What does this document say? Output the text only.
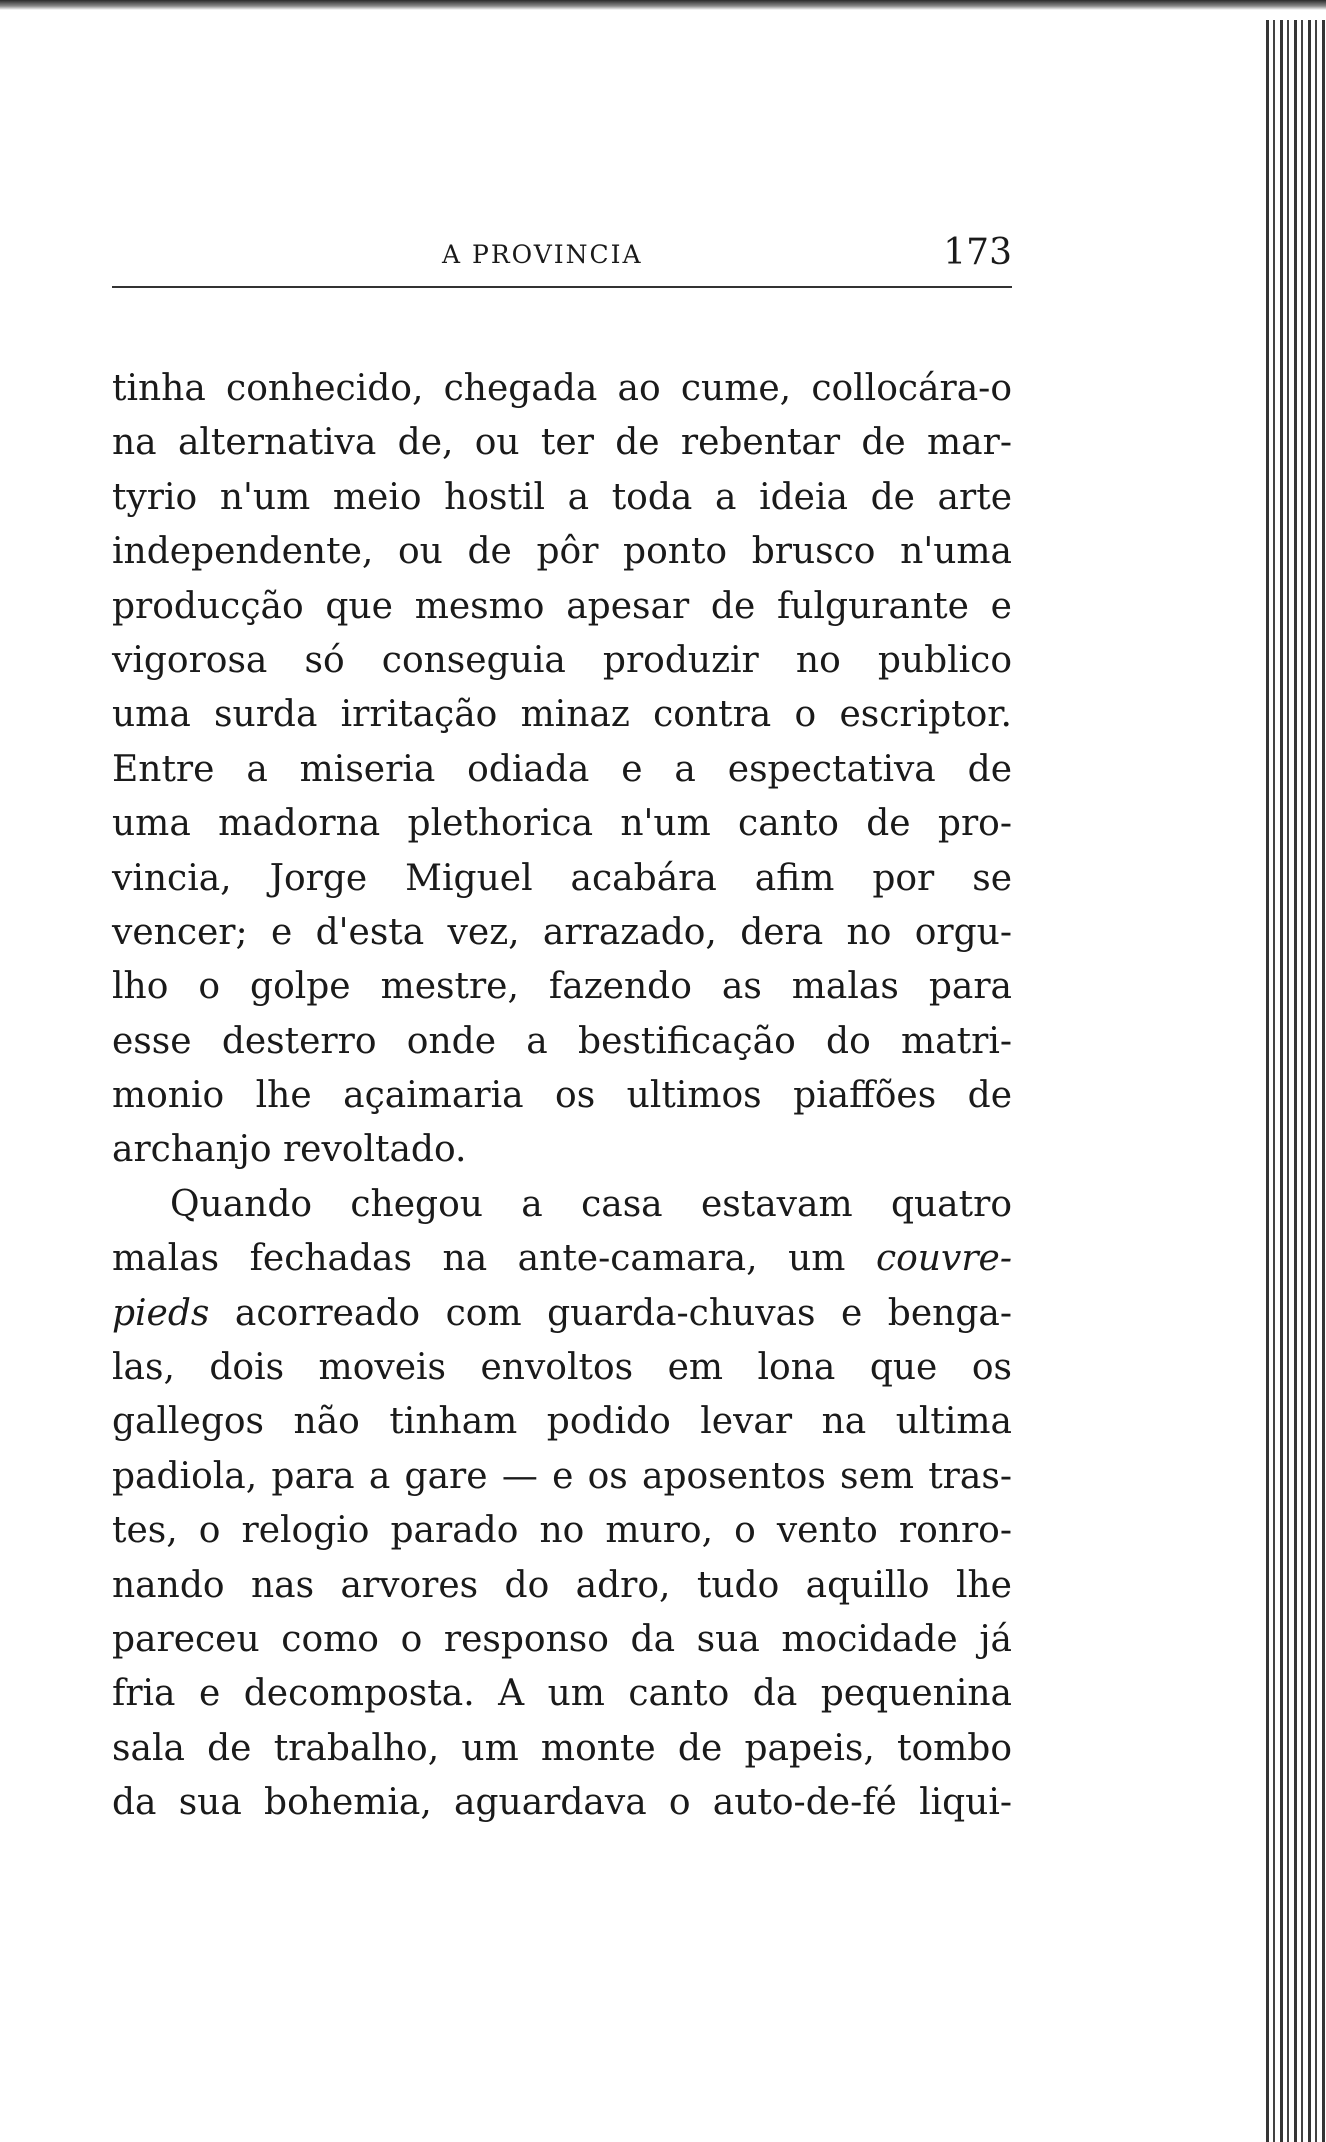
A PROVINCIA	173
tinha conhecido, chegada ao cume, collocára-o
na alternativa de, ou ter de rebentar de mar-
tyrio n'um meio hostil a toda a ideia de arte
independente, ou de pôr ponto brusco n'uma
producção que mesmo apesar de fulgurante e
vigorosa só conseguia produzir no publico
uma surda irritação minaz contra o escriptor.
Entre a miseria odiada e a espectativa de
uma madorna plethorica n'um canto de pro-
vincia, Jorge Miguel acabára afim por se
vencer; e d'esta vez, arrazado, dera no orgu-
lho o golpe mestre, fazendo as malas para
esse desterro onde a bestificação do matri-
monio lhe açaimaria os ultimos piaffões de
archanjo revoltado.
Quando chegou a casa estavam quatro
malas fechadas na ante-camara, um couvre-
pieds acorreado com guarda-chuvas e benga-
las, dois moveis envoltos em lona que os
gallegos não tinham podido levar na ultima
padiola, para a gare — e os aposentos sem tras-
tes, o relogio parado no muro, o vento ronro-
nando nas arvores do adro, tudo aquillo lhe
pareceu como o responso da sua mocidade já
fria e decomposta. A um canto da pequenina
sala de trabalho, um monte de papeis, tombo
da sua bohemia, aguardava o auto-de-fé liqui-
